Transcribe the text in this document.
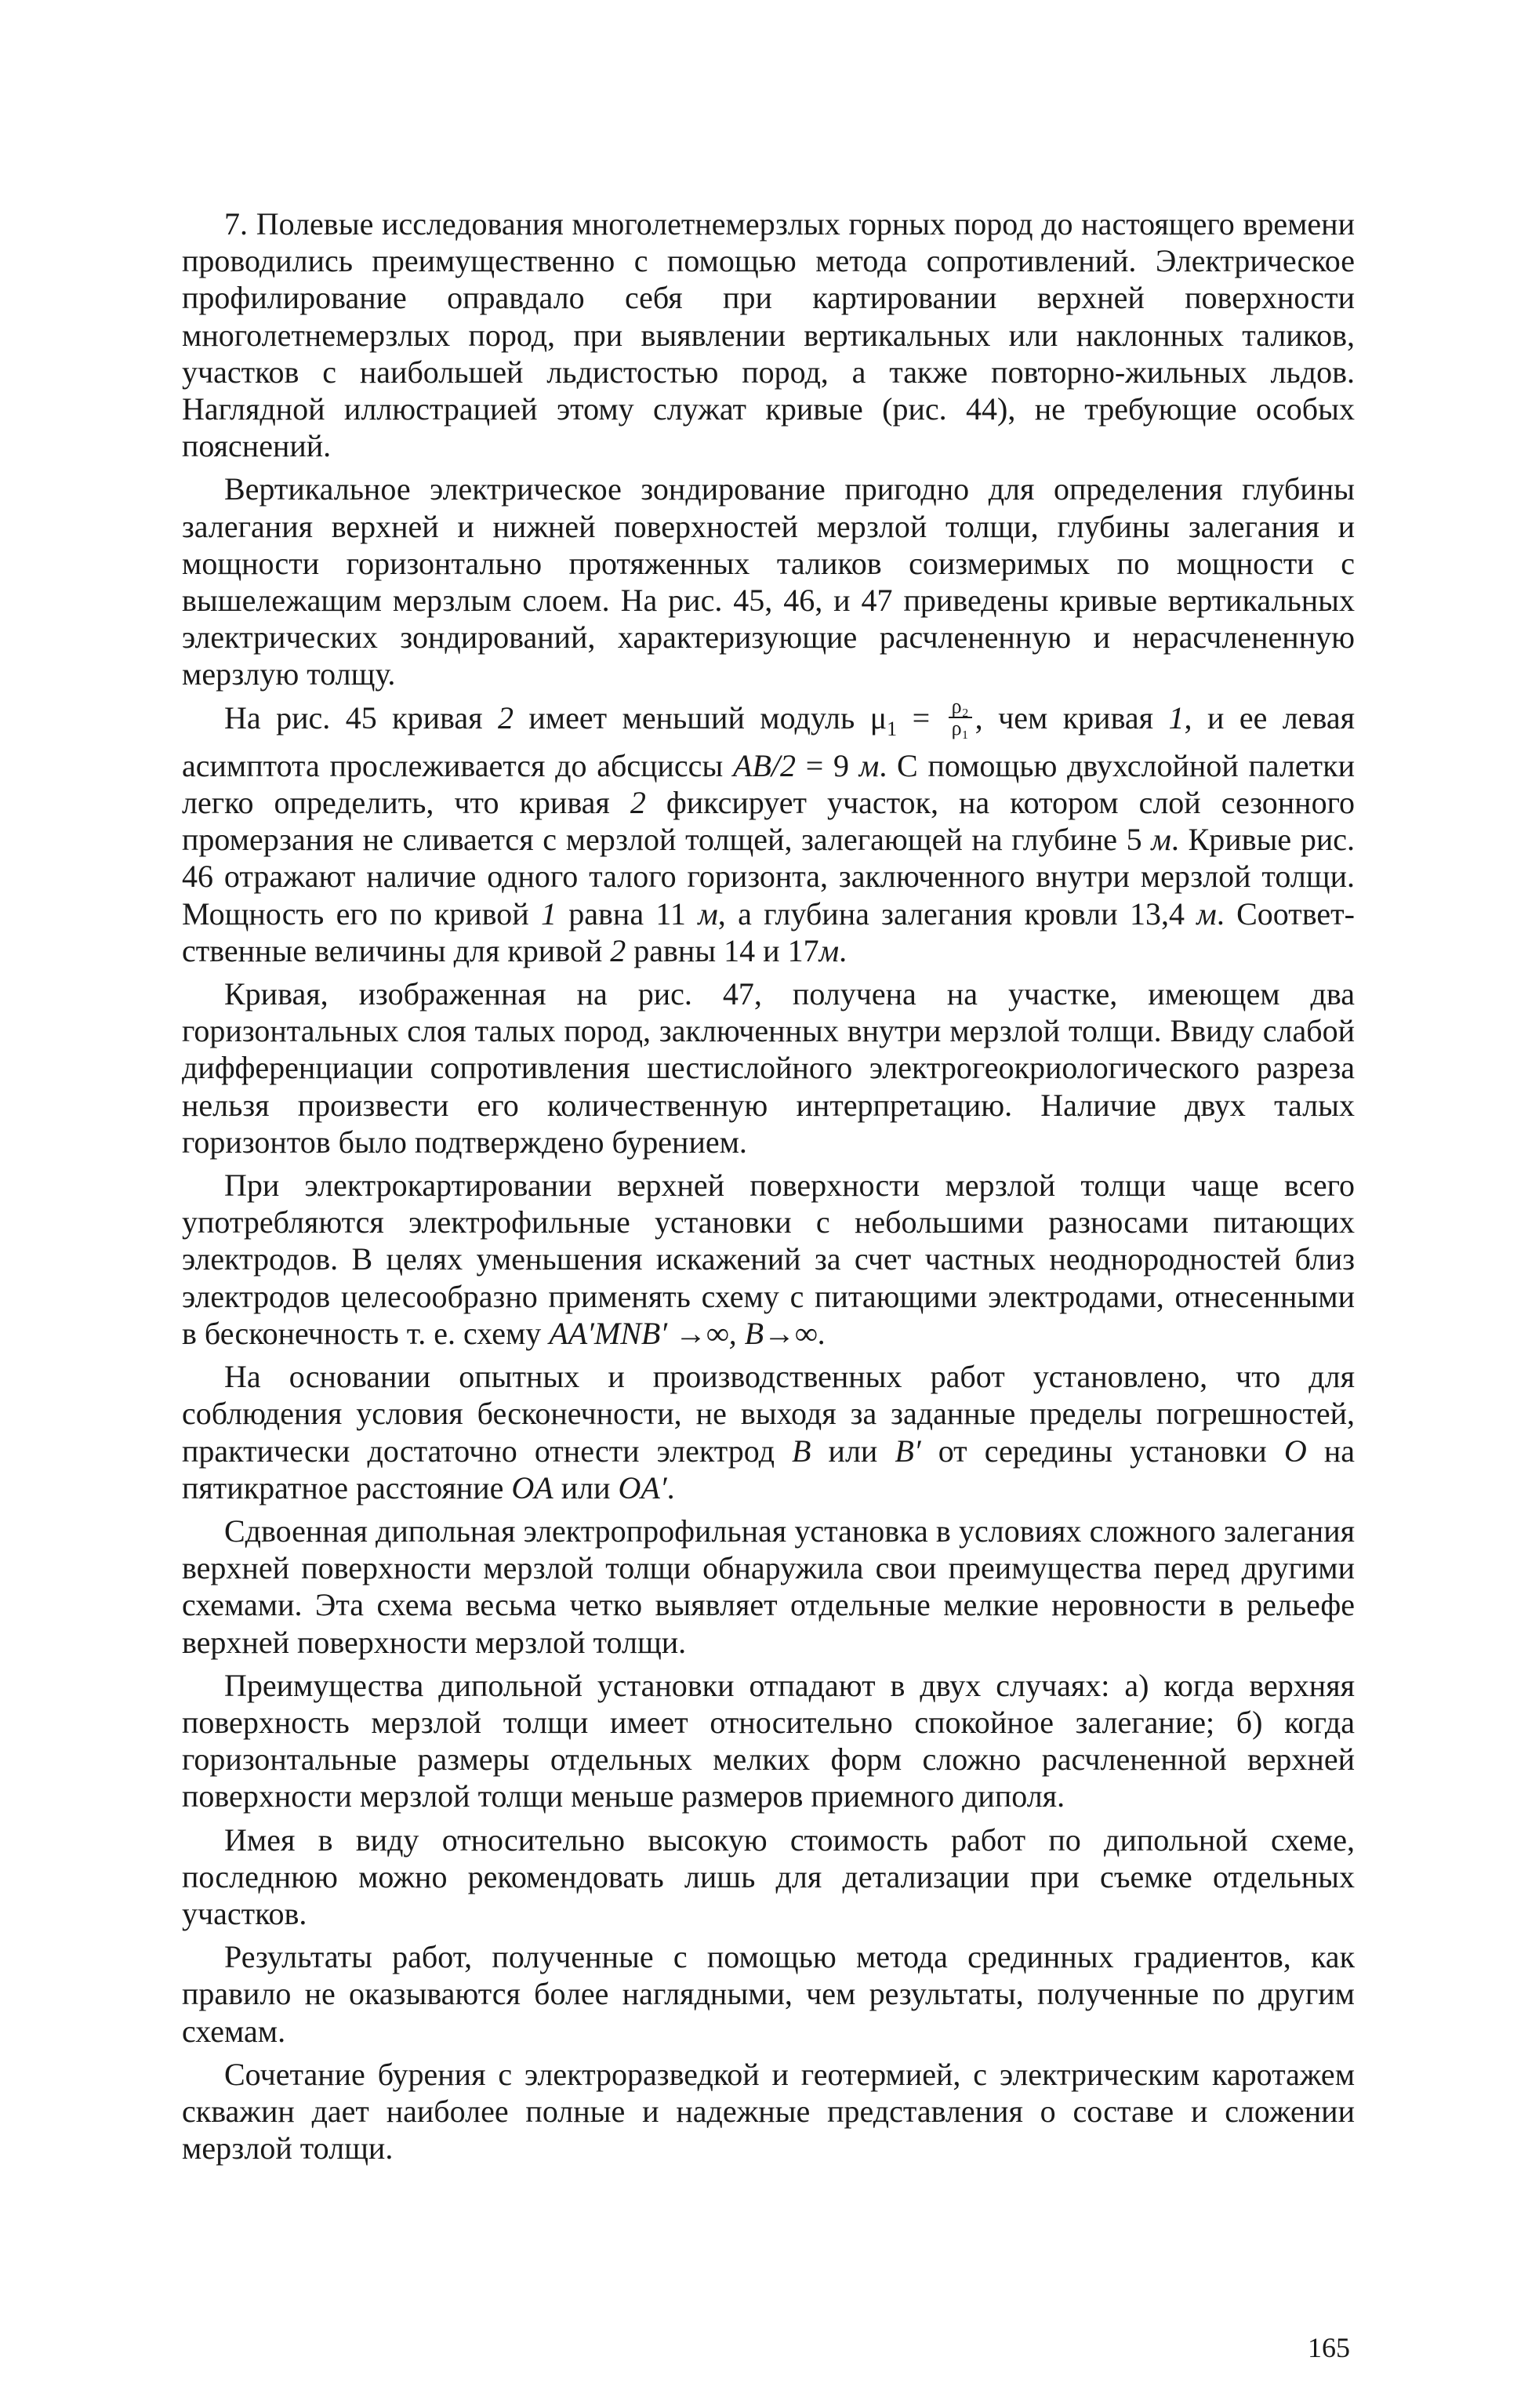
7. Полевые исследования многолетнемерзлых горных пород до настоящего времени проводились преимущественно с помощью метода сопротивлений. Электрическое профилирование оправдало себя при картировании верхней поверхности многолетнемерзлых пород, при выявлении вертикальных или наклонных таликов, участков с наибольшей льдистостью пород, а также повторно-жильных льдов. Наглядной иллюстрацией этому служат кривые (рис. 44), не требующие особых пояснений.

Вертикальное электрическое зондирование пригодно для определения глубины залегания верхней и нижней поверхностей мерзлой толщи, глубины залегания и мощности горизонтально протяженных таликов соизмеримых по мощности с вышележащим мерзлым слоем. На рис. 45, 46, и 47 приведены кривые вертикальных электрических зондирований, характеризующие расчлененную и нерасчлененную мерзлую толщу.

На рис. 45 кривая 2 имеет меньший модуль $\mu_1 = \frac{\text{ρ₂}}{\text{ρ₁}}$ , чем кривая 1, и ее левая асимптота прослеживается до абсциссы AB/2 = 9 м. С помощью двухслойной палетки легко определить, что кривая 2 фиксирует участок, на котором слой сезонного промерзания не сливается с мерзлой толщей, залегающей на глубине 5 м. Кривые рис. 46 отражают наличие одного талого горизонта, заключенного внутри мерзлой толщи. Мощность его по кривой 1 равна 11 м, а глубина залегания кровли 13,4 м. Соответственные величины для кривой 2 равны 14 и 17м.

Кривая, изображенная на рис. 47, получена на участке, имеющем два горизонтальных слоя талых пород, заключенных внутри мерзлой толщи. Ввиду слабой дифференциации сопротивления шестислойного электрогеокриологического разреза нельзя произвести его количественную интерпретацию. Наличие двух талых горизонтов было подтверждено бурением.

При электрокартировании верхней поверхности мерзлой толщи чаще всего употребляются электрофильные установки с небольшими разносами питающих электродов. В целях уменьшения искажений за счет частных неоднородностей близ электродов целесообразно применять схему с питающими электродами, отнесенными в бесконечность т. е. схему AA′MNB′ →∞, B→∞.

На основании опытных и производственных работ установлено, что для соблюдения условия бесконечности, не выходя за заданные пределы погрешностей, практически достаточно отнести электрод B или B′ от середины установки O на пятикратное расстояние OA или OA′.

Сдвоенная дипольная электропрофильная установка в условиях сложного залегания верхней поверхности мерзлой толщи обнаружила свои преимущества перед другими схемами. Эта схема весьма четко выявляет отдельные мелкие неровности в рельефе верхней поверхности мерзлой толщи.

Преимущества дипольной установки отпадают в двух случаях: а) когда верхняя поверхность мерзлой толщи имеет относительно спокойное залегание; б) когда горизонтальные размеры отдельных мелких форм сложно расчлененной верхней поверхности мерзлой толщи меньше размеров приемного диполя.

Имея в виду относительно высокую стоимость работ по дипольной схеме, последнюю можно рекомендовать лишь для детализации при съемке отдельных участков.

Результаты работ, полученные с помощью метода срединных градиентов, как правило не оказываются более наглядными, чем результаты, полученные по другим схемам.

Сочетание бурения с электроразведкой и геотермией, с электрическим каротажем скважин дает наиболее полные и надежные представления о составе и сложении мерзлой толщи.

165
